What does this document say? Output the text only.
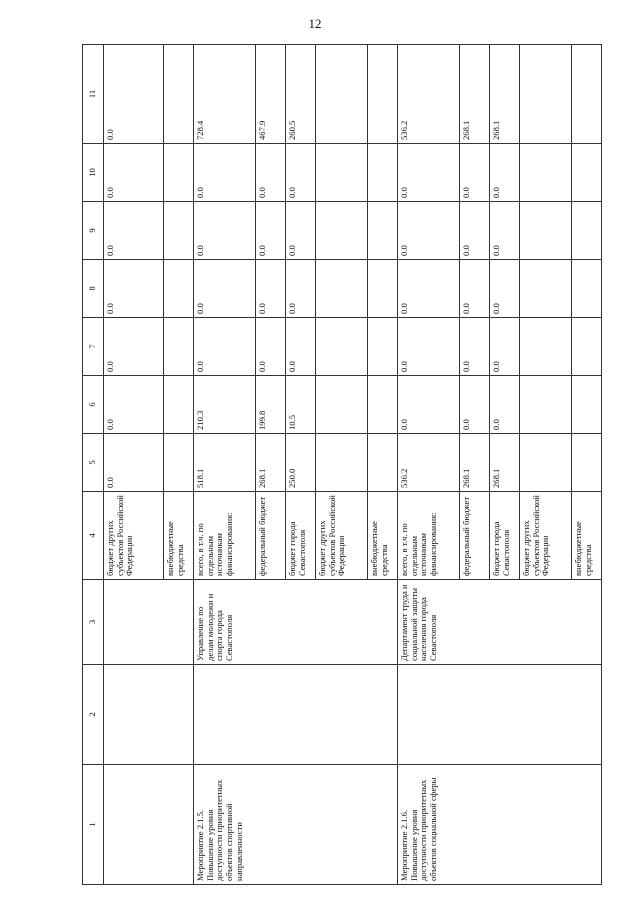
12
1	2	3	4	5	6	7	8	9	10	11
			бюджет других субъектов Российской Федерации	0.0	0.0	0.0	0.0	0.0	0.0	0.0
			внебюджетные средства							
Мероприятие 2.1.5. Повышение уровня доступности приоритетных объектов спортивной направленности		Управление по делам молодежи и спорта города Севастополя	всего, в т.ч. по отдельным источникам финансирования:	518.1	210.3	0.0	0.0	0.0	0.0	728.4
			федеральный бюджет	268.1	199.8	0.0	0.0	0.0	0.0	467.9
			бюджет города Севастополя	250.0	10.5	0.0	0.0	0.0	0.0	260.5
			бюджет других субъектов Российской Федерации							
			внебюджетные средства							
Мероприятие 2.1.6. Повышение уровня доступности приоритетных объектов социальной сферы		Департамент труда и социальной защиты населения города Севастополя	всего, в т.ч. по отдельным источникам финансирования:	536.2	0.0	0.0	0.0	0.0	0.0	536.2
			федеральный бюджет	268.1	0.0	0.0	0.0	0.0	0.0	268.1
			бюджет города Севастополя	268.1	0.0	0.0	0.0	0.0	0.0	268.1
			бюджет других субъектов Российской Федерации							
			внебюджетные средства							
